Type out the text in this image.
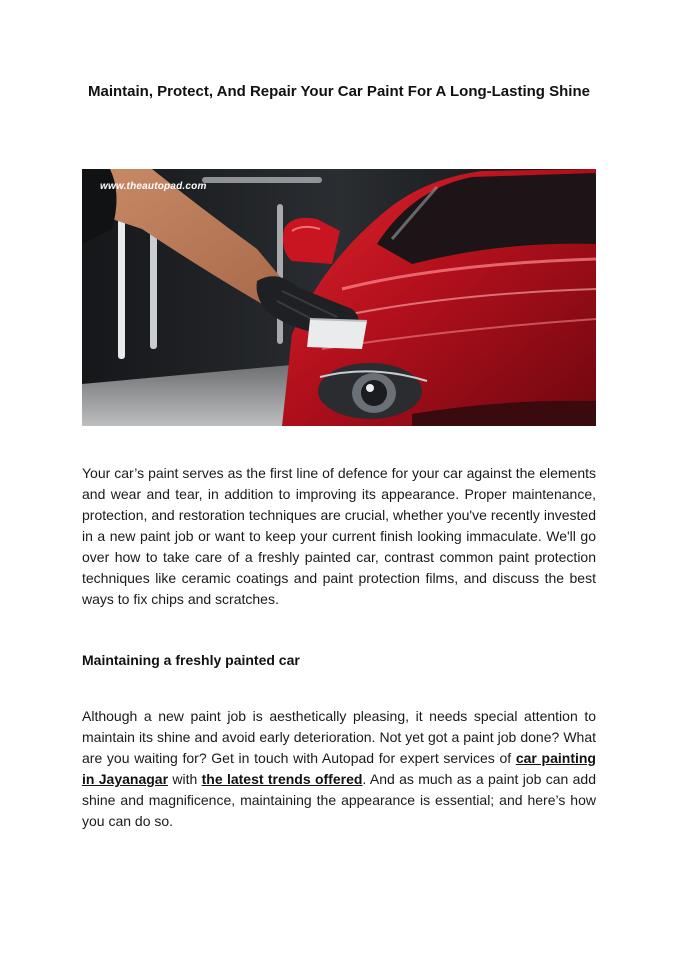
Maintain, Protect, And Repair Your Car Paint For A Long-Lasting Shine
www.theautopad.com
Your car’s paint serves as the first line of defence for your car against the elements and wear and tear, in addition to improving its appearance. Proper maintenance, protection, and restoration techniques are crucial, whether you've recently invested in a new paint job or want to keep your current finish looking immaculate. We'll go over how to take care of a freshly painted car, contrast common paint protection techniques like ceramic coatings and paint protection films, and discuss the best ways to fix chips and scratches.
Maintaining a freshly painted car
Although a new paint job is aesthetically pleasing, it needs special attention to maintain its shine and avoid early deterioration. Not yet got a paint job done? What are you waiting for? Get in touch with Autopad for expert services of car painting in Jayanagar with the latest trends offered. And as much as a paint job can add shine and magnificence, maintaining the appearance is essential; and here’s how you can do so.
